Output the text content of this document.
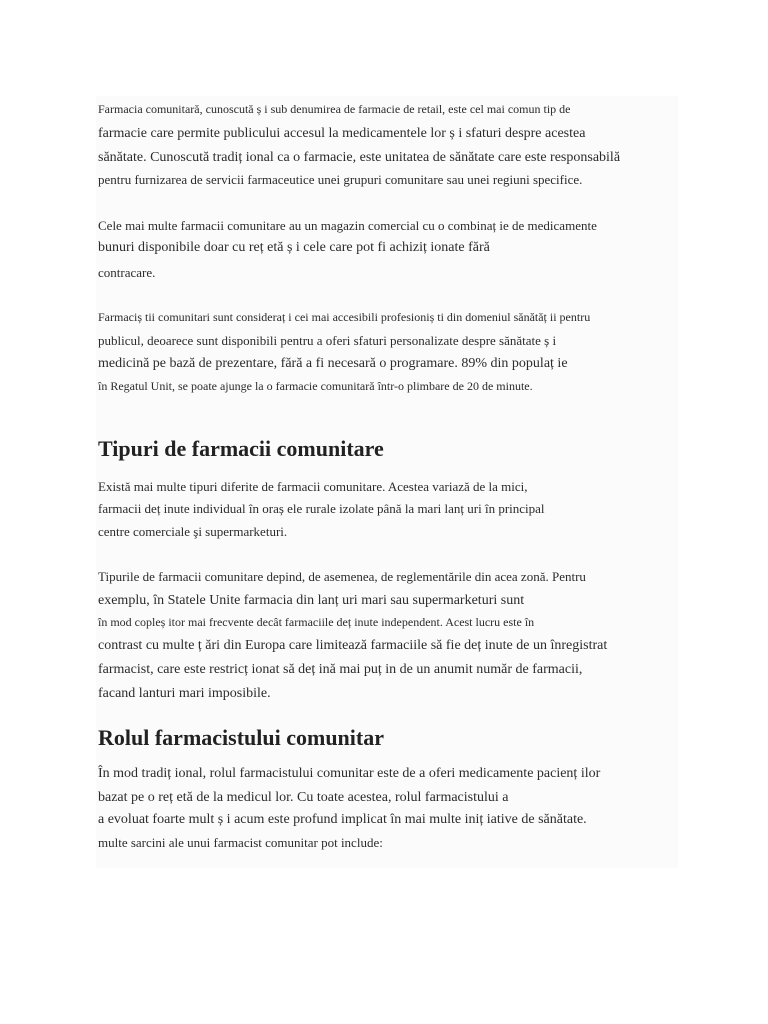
Farmacia comunitară, cunoscută ș i sub denumirea de farmacie de retail, este cel mai comun tip de
farmacie care permite publicului accesul la medicamentele lor ș i sfaturi despre acestea
sănătate. Cunoscută tradiț ional ca o farmacie, este unitatea de sănătate care este responsabilă
pentru furnizarea de servicii farmaceutice unei grupuri comunitare sau unei regiuni specifice.
Cele mai multe farmacii comunitare au un magazin comercial cu o combinaț ie de medicamente
bunuri disponibile doar cu reț etă ș i cele care pot fi achiziț ionate fără
contracare.
Farmaciș tii comunitari sunt consideraț i cei mai accesibili profesioniș ti din domeniul sănătăț ii pentru
publicul, deoarece sunt disponibili pentru a oferi sfaturi personalizate despre sănătate ș i
medicină pe bază de prezentare, fără a fi necesară o programare. 89% din populaț ie
în Regatul Unit, se poate ajunge la o farmacie comunitară într-o plimbare de 20 de minute.
Tipuri de farmacii comunitare
Există mai multe tipuri diferite de farmacii comunitare. Acestea variază de la mici,
farmacii deț inute individual în oraș ele rurale izolate până la mari lanț uri în principal
centre comerciale şi supermarketuri.
Tipurile de farmacii comunitare depind, de asemenea, de reglementările din acea zonă. Pentru
exemplu, în Statele Unite farmacia din lanț uri mari sau supermarketuri sunt
în mod copleș itor mai frecvente decât farmaciile deț inute independent. Acest lucru este în
contrast cu multe ț ări din Europa care limitează farmaciile să fie deț inute de un înregistrat
farmacist, care este restricț ionat să deț ină mai puț in de un anumit număr de farmacii,
facand lanturi mari imposibile.
Rolul farmacistului comunitar
În mod tradiț ional, rolul farmacistului comunitar este de a oferi medicamente pacienț ilor
bazat pe o reț etă de la medicul lor. Cu toate acestea, rolul farmacistului a
a evoluat foarte mult ș i acum este profund implicat în mai multe iniț iative de sănătate.
multe sarcini ale unui farmacist comunitar pot include:
